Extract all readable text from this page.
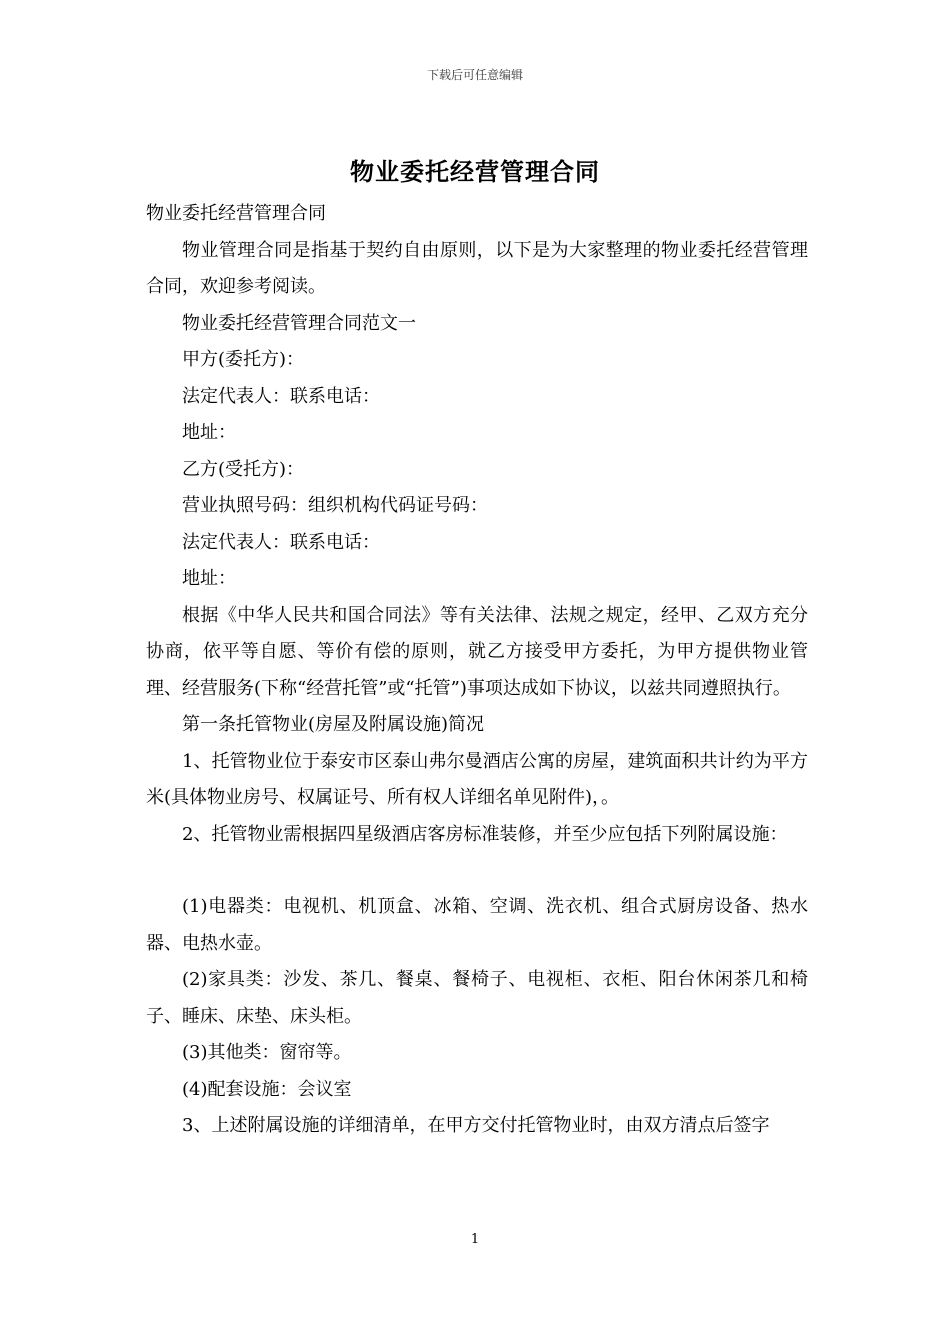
下载后可任意编辑
物业委托经营管理合同

物业委托经营管理合同

物业管理合同是指基于契约自由原则，以下是为大家整理的物业委托经营管理合同，欢迎参考阅读。

物业委托经营管理合同范文一

甲方(委托方)：

法定代表人：联系电话：

地址：

乙方(受托方)：

营业执照号码：组织机构代码证号码：

法定代表人：联系电话：

地址：

根据《中华人民共和国合同法》等有关法律、法规之规定，经甲、乙双方充分协商，依平等自愿、等价有偿的原则，就乙方接受甲方委托，为甲方提供物业管理、经营服务(下称“经营托管”或“托管”)事项达成如下协议，以兹共同遵照执行。

第一条托管物业(房屋及附属设施)简况

1、托管物业位于泰安市区泰山弗尔曼酒店公寓的房屋，建筑面积共计约为平方米(具体物业房号、权属证号、所有权人详细名单见附件)，。

2、托管物业需根据四星级酒店客房标准装修，并至少应包括下列附属设施：

(1)电器类：电视机、机顶盒、冰箱、空调、洗衣机、组合式厨房设备、热水器、电热水壶。

(2)家具类：沙发、茶几、餐桌、餐椅子、电视柜、衣柜、阳台休闲茶几和椅子、睡床、床垫、床头柜。

(3)其他类：窗帘等。

(4)配套设施：会议室

3、上述附属设施的详细清单，在甲方交付托管物业时，由双方清点后签字

1
